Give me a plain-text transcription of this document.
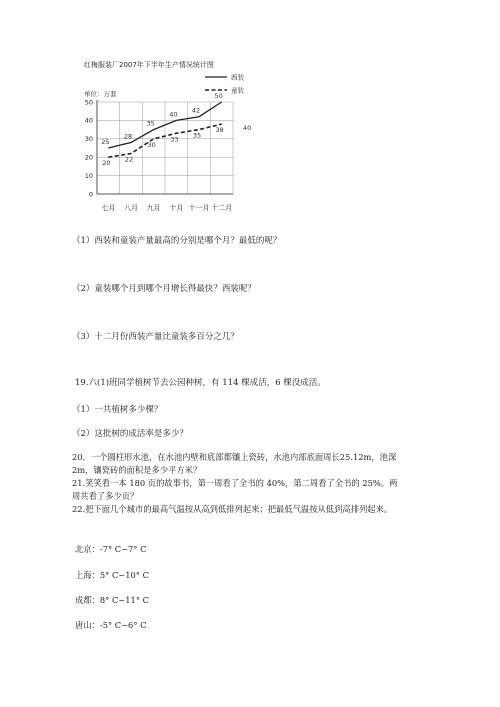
红梅服装厂2007年下半年生产情况统计图
单位：万套
0
10
20
30
40
50
七月 八月 九月 十月 十一月 十二月
25
28
35
40 42
50
20 22
30
33 35
38	40
西装
童装
（1）西装和童装产量最高的分别是哪个月？最低的呢？
（2）童装哪个月到哪个月增长得最快？西装呢？
（3）十二月份西装产量比童装多百分之几？
19.六(1)班同学植树节去公园种树，有 114 棵成活，6 棵没成活。
（1）一共植树多少棵？
（2）这批树的成活率是多少？
20．一个圆柱形水池，在水池内壁和底部都镶上瓷砖，水池内部底面周长25.12m，池深 2m，镶瓷砖的面积是多少平方米？
21.笑笑看一本 180 页的故事书，第一周看了全书的 40%，第二周看了全书的 25%。两周共看了多少页？
22.把下面几个城市的最高气温按从高到低排列起来；把最低气温按从低到高排列起来。
北京：-7° C~7° C
上海：5° C~10° C
成都：8° C~11° C
唐山：-5° C~6° C
